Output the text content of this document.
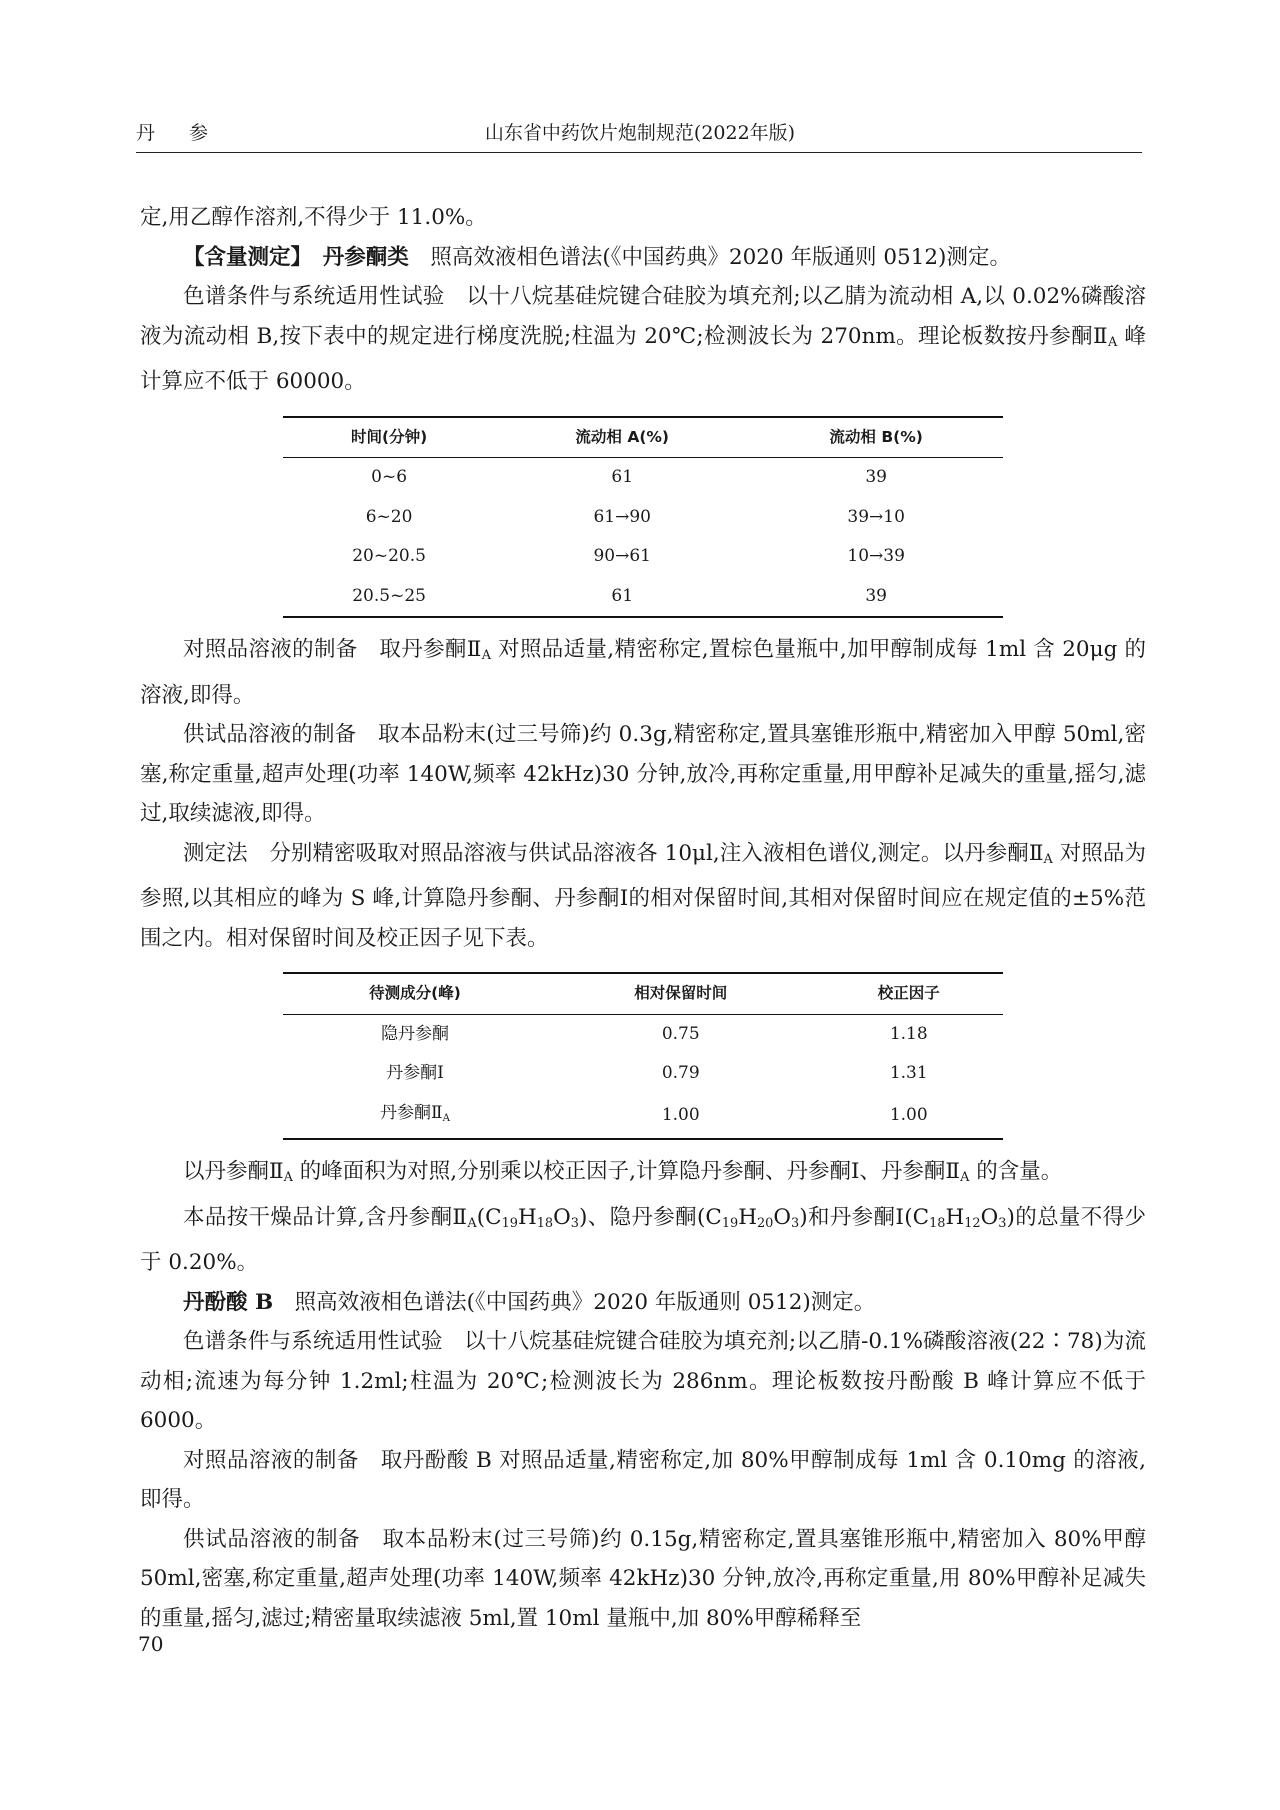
丹 参	山东省中药饮片炮制规范(2022年版)

定,用乙醇作溶剂,不得少于 11.0%。

【含量测定】　 丹参酮类　 照高效液相色谱法(《中国药典》2020 年版通则 0512)测定。

色谱条件与系统适用性试验　以十八烷基硅烷键合硅胶为填充剂;以乙腈为流动相 A,以 0.02%磷酸溶液为流动相 B,按下表中的规定进行梯度洗脱;柱温为 20℃;检测波长为 270nm。理论板数按丹参酮$Ⅱ_A$ 峰计算应不低于 60000。

时间(分钟)	流动相 A(%)	流动相 B(%)
0~6	61	39
6~20	61→90	39→10
20~20.5	90→61	10→39
20.5~25	61	39

对照品溶液的制备　取丹参酮$Ⅱ_A$ 对照品适量,精密称定,置棕色量瓶中,加甲醇制成每 1ml 含 20μg 的溶液,即得。

供试品溶液的制备　取本品粉末(过三号筛)约 0.3g,精密称定,置具塞锥形瓶中,精密加入甲醇 50ml,密塞,称定重量,超声处理(功率 140W,频率 42kHz)30 分钟,放冷,再称定重量,用甲醇补足减失的重量,摇匀,滤过,取续滤液,即得。

测定法　分别精密吸取对照品溶液与供试品溶液各 10μl,注入液相色谱仪,测定。以丹参酮$Ⅱ_A$ 对照品为参照,以其相应的峰为 S 峰,计算隐丹参酮、丹参酮Ⅰ的相对保留时间,其相对保留时间应在规定值的±5%范围之内。相对保留时间及校正因子见下表。

待测成分(峰)	相对保留时间	校正因子
隐丹参酮	0.75	1.18
丹参酮Ⅰ	0.79	1.31
丹参酮$Ⅱ_A$	1.00	1.00

以丹参酮$Ⅱ_A$ 的峰面积为对照,分别乘以校正因子,计算隐丹参酮、丹参酮Ⅰ、丹参酮$Ⅱ_A$ 的含量。

本品按干燥品计算,含丹参酮$Ⅱ_A(C_{19}H_{18}O_3)$、隐丹参酮$(C_{19}H_{20}O_3)$和丹参酮$Ⅰ(C_{18}H_{12}O_3)$的总量不得少于 0.20%。

丹酚酸 B　照高效液相色谱法(《中国药典》2020 年版通则 0512)测定。

色谱条件与系统适用性试验　以十八烷基硅烷键合硅胶为填充剂;以乙腈-0.1%磷酸溶液(22∶78)为流动相;流速为每分钟 1.2ml;柱温为 20℃;检测波长为 286nm。理论板数按丹酚酸 B 峰计算应不低于 6000。

对照品溶液的制备　取丹酚酸 B 对照品适量,精密称定,加 80%甲醇制成每 1ml 含 0.10mg 的溶液,即得。

供试品溶液的制备　取本品粉末(过三号筛)约 0.15g,精密称定,置具塞锥形瓶中,精密加入 80%甲醇 50ml,密塞,称定重量,超声处理(功率 140W,频率 42kHz)30 分钟,放冷,再称定重量,用 80%甲醇补足减失的重量,摇匀,滤过;精密量取续滤液 5ml,置 10ml 量瓶中,加 80%甲醇稀释至

70
